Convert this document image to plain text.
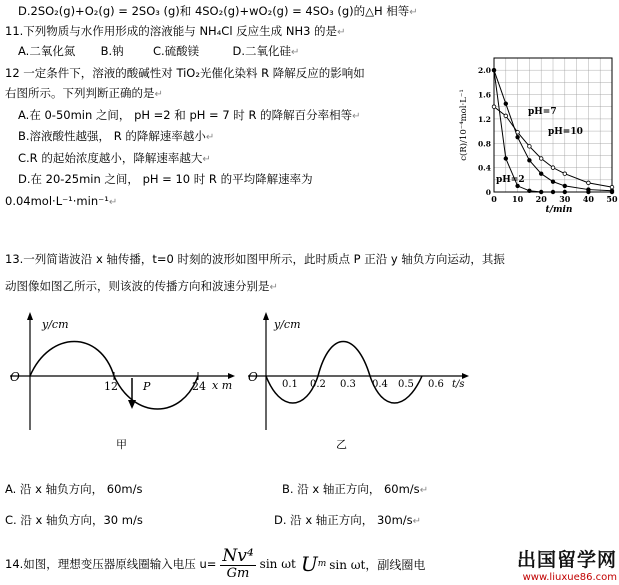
D.2SO₂(g)+O₂(g) = 2SO₃ (g)和 4SO₂(g)+wO₂(g) = 4SO₃ (g)的△H 相等↵
11.下列物质与水作用形成的溶液能与 NH₄Cl 反应生成 NH3 的是↵
A.二氧化氮 B.钠	C.硫酸镁	D.二氧化硅↵
12 一定条件下，溶液的酸碱性对 TiO₂光催化染料 R 降解反应的影响如
右图所示。下列判断正确的是↵
A.在 0-50min 之间， pH =2 和 pH = 7 时 R 的降解百分率相等↵
B.溶液酸性越强， R 的降解速率越小↵
C.R 的起始浓度越小，降解速率越大↵
D.在 20-25min 之间， pH = 10 时 R 的平均降解速率为
0.04mol·L⁻¹·min⁻¹↵	0 10 20 30 40 50
0
0.4
0.8
1.2
1.6
2.0
t/min
c(R)/10⁻⁴mol·L⁻¹
pH=2
pH=7
pH=10
13.一列简谐波沿 x 轴传播，t=0 时刻的波形如图甲所示，此时质点 P 正沿 y 轴负方向运动，其振
动图像如图乙所示，则该波的传播方向和波速分别是↵
y/cm
O
12	24
P	x m
甲
y/cm
O
0.1 0.2 0.3 0.4 0.5 0.6 t/s
乙
A. 沿 x 轴负方向， 60m/s	B. 沿 x 轴正方向， 60m/s↵
C. 沿 x 轴负方向，30 m/s	D. 沿 x 轴正方向， 30m/s↵
14.如图，理想变压器原线圈输入电压 u= Nv⁴
Gm
sin ωt U m sin ωt，副线圈电	出国留学网
www.liuxue86.com
